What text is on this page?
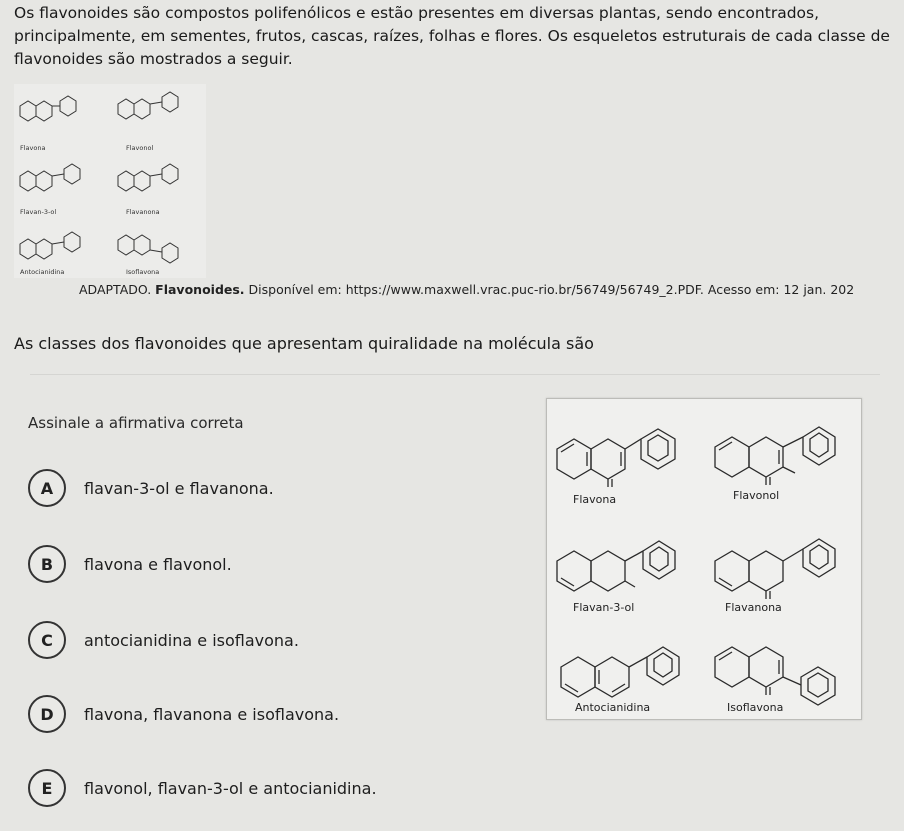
Os flavonoides são compostos polifenólicos e estão presentes em diversas plantas, sendo encontrados, principalmente, em sementes, frutos, cascas, raízes, folhas e flores. Os esqueletos estruturais de cada classe de flavonoides são mostrados a seguir.
Flavona	Flavonol
Flavan-3-ol	Flavanona
Antocianidina	Isoflavona
ADAPTADO. Flavonoides. Disponível em: https://www.maxwell.vrac.puc-rio.br/56749/56749_2.PDF. Acesso em: 12 jan. 202
As classes dos flavonoides que apresentam quiralidade na molécula são
Assinale a afirmativa correta
A	flavan-3-ol e flavanona.
B	flavona e flavonol.
C	antocianidina e isoflavona.
D	flavona, flavanona e isoflavona.
E	flavonol, flavan-3-ol e antocianidina.
Flavona	Flavonol
Flavan-3-ol	Flavanona
Antocianidina	Isoflavona
